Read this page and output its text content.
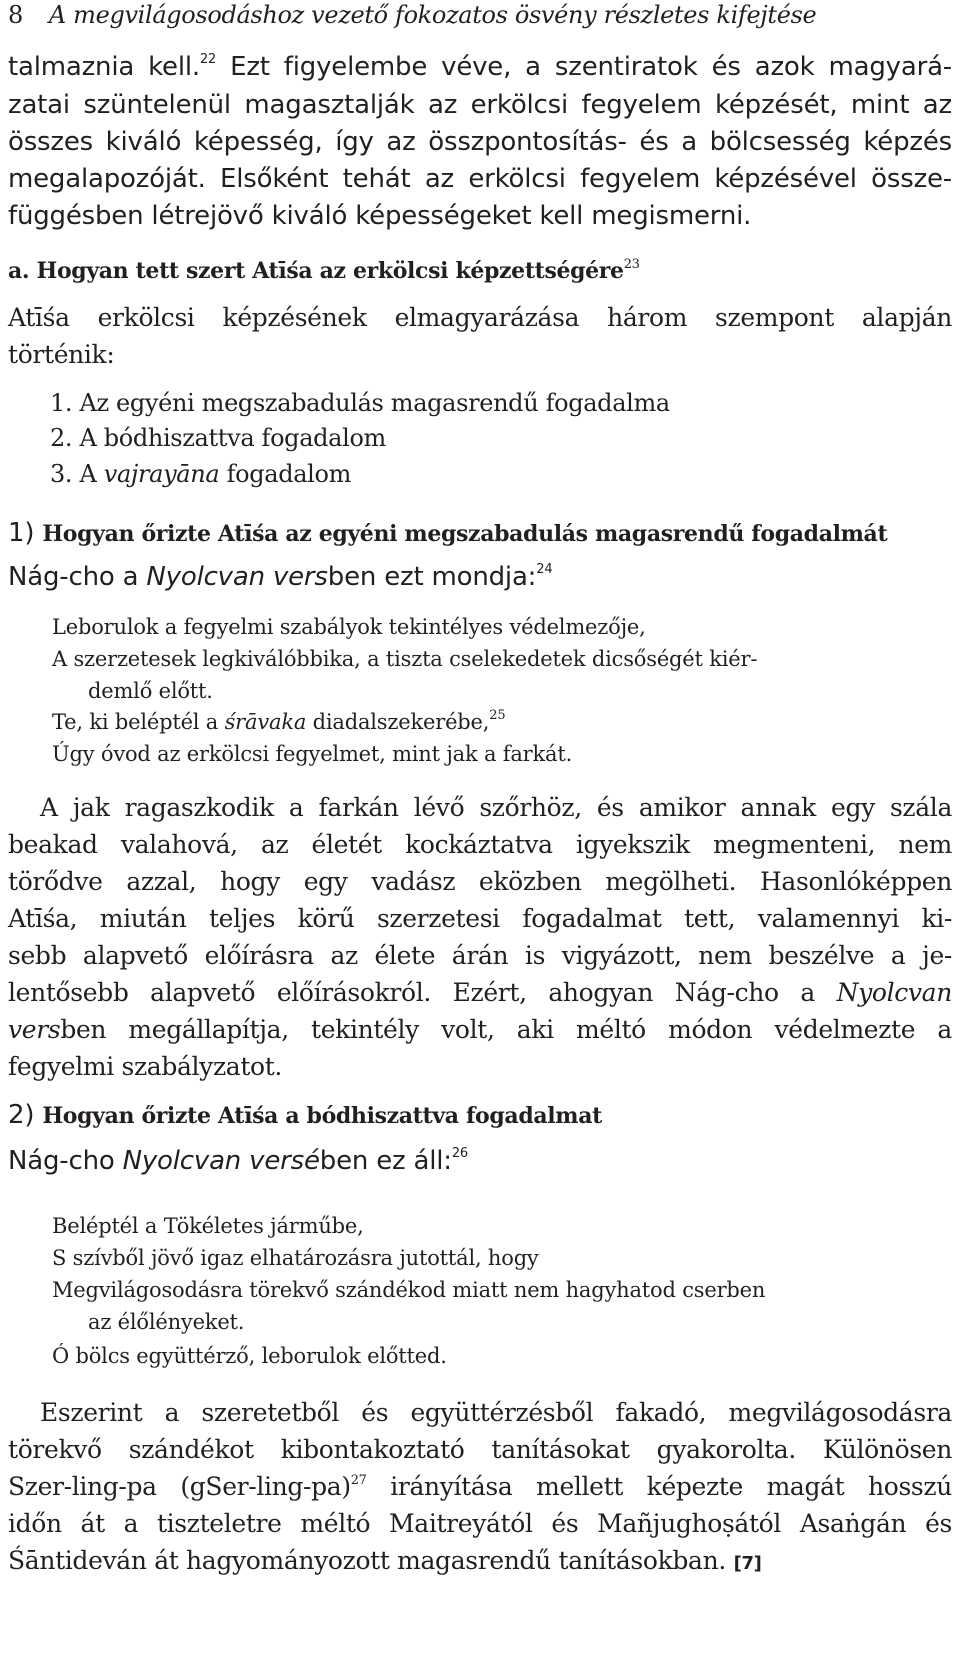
8 A megvilágosodáshoz vezető fokozatos ösvény részletes kifejtése
talmaznia kell.$^{22}$ Ezt figyelembe véve, a szentiratok és azok magyará-
zatai szüntelenül magasztalják az erkölcsi fegyelem képzését, mint az
összes kiváló képesség, így az összpontosítás- és a bölcsesség képzés
megalapozóját. Elsőként tehát az erkölcsi fegyelem képzésével össze-
függésben létrejövő kiváló képességeket kell megismerni.
a. Hogyan tett szert Atīśa az erkölcsi képzettségére$^{23}$
Atīśa erkölcsi képzésének elmagyarázása három szempont alapján
történik:
1. Az egyéni megszabadulás magasrendű fogadalma
2. A bódhiszattva fogadalom
3. A vajrayāna fogadalom
1) Hogyan őrizte Atīśa az egyéni megszabadulás magasrendű fogadalmát
Nág-cho a Nyolcvan versben ezt mondja:$^{24}$
Leborulok a fegyelmi szabályok tekintélyes védelmezője,
A szerzetesek legkiválóbbika, a tiszta cselekedetek dicsőségét kiér-
demlő előtt.
Te, ki beléptél a śrāvaka diadalszekerébe,$^{25}$
Úgy óvod az erkölcsi fegyelmet, mint jak a farkát.
A jak ragaszkodik a farkán lévő szőrhöz, és amikor annak egy szála
beakad valahová, az életét kockáztatva igyekszik megmenteni, nem
törődve azzal, hogy egy vadász eközben megölheti. Hasonlóképpen
Atīśa, miután teljes körű szerzetesi fogadalmat tett, valamennyi ki-
sebb alapvető előírásra az élete árán is vigyázott, nem beszélve a je-
lentősebb alapvető előírásokról. Ezért, ahogyan Nág-cho a Nyolcvan
versben megállapítja, tekintély volt, aki méltó módon védelmezte a
fegyelmi szabályzatot.
2) Hogyan őrizte Atīśa a bódhiszattva fogadalmat
Nág-cho Nyolcvan versében ez áll:$^{26}$
Beléptél a Tökéletes járműbe,
S szívből jövő igaz elhatározásra jutottál, hogy
Megvilágosodásra törekvő szándékod miatt nem hagyhatod cserben
az élőlényeket.
Ó bölcs együttérző, leborulok előtted.
Eszerint a szeretetből és együttérzésből fakadó, megvilágosodásra
törekvő szándékot kibontakoztató tanításokat gyakorolta. Különösen
Szer-ling-pa (gSer-ling-pa)$^{27}$ irányítása mellett képezte magát hosszú
időn át a tiszteletre méltó Maitreyától és Mañjughoṣától Asaṅgán és
Śāntideván át hagyományozott magasrendű tanításokban. [7]
